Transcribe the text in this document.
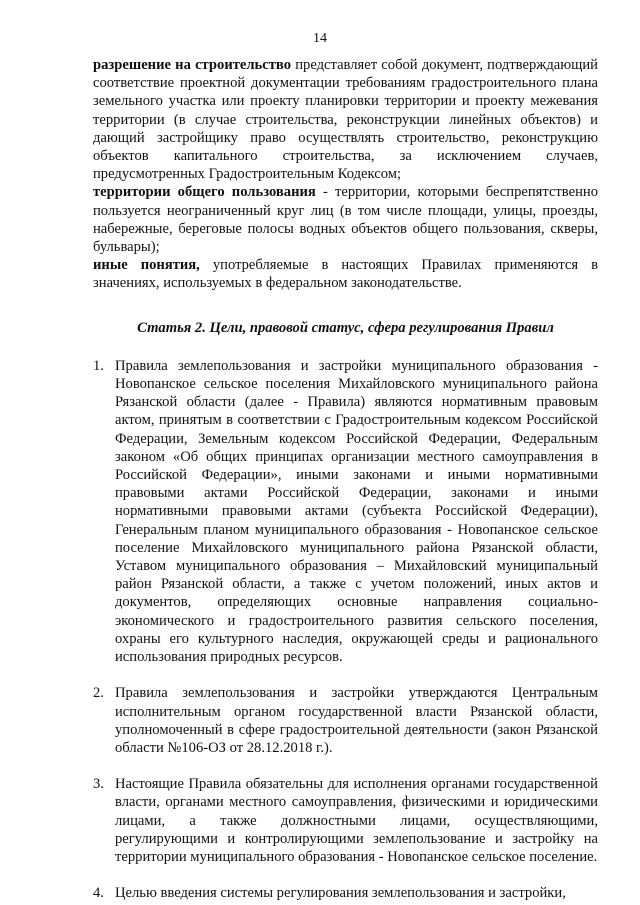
14

разрешение на строительство представляет собой документ, подтверждающий соответствие проектной документации требованиям градостроительного плана земельного участка или проекту планировки территории и проекту межевания территории (в случае строительства, реконструкции линейных объектов) и дающий застройщику право осуществлять строительство, реконструкцию объектов капитального строительства, за исключением случаев, предусмотренных Градостроительным Кодексом;

территории общего пользования - территории, которыми беспрепятственно пользуется неограниченный круг лиц (в том числе площади, улицы, проезды, набережные, береговые полосы водных объектов общего пользования, скверы, бульвары);

иные понятия, употребляемые в настоящих Правилах применяются в значениях, используемых в федеральном законодательстве.

Статья 2. Цели, правовой статус, сфера регулирования Правил

1. Правила землепользования и застройки муниципального образования - Новопанское сельское поселения Михайловского муниципального района Рязанской области (далее - Правила) являются нормативным правовым актом, принятым в соответствии с Градостроительным кодексом Российской Федерации, Земельным кодексом Российской Федерации, Федеральным законом «Об общих принципах организации местного самоуправления в Российской Федерации», иными законами и иными нормативными правовыми актами Российской Федерации, законами и иными нормативными правовыми актами (субъекта Российской Федерации), Генеральным планом муниципального образования - Новопанское сельское поселение Михайловского муниципального района Рязанской области, Уставом муниципального образования – Михайловский муниципальный район Рязанской области, а также с учетом положений, иных актов и документов, определяющих основные направления социально-экономического и градостроительного развития сельского поселения, охраны его культурного наследия, окружающей среды и рационального использования природных ресурсов.
2. Правила землепользования и застройки утверждаются Центральным исполнительным органом государственной власти Рязанской области, уполномоченный в сфере градостроительной деятельности (закон Рязанской области №106-ОЗ от 28.12.2018 г.).
3. Настоящие Правила обязательны для исполнения органами государственной власти, органами местного самоуправления, физическими и юридическими лицами, а также должностными лицами, осуществляющими, регулирующими и контролирующими землепользование и застройку на территории муниципального образования - Новопанское сельское поселение.
4. Целью введения системы регулирования землепользования и застройки,
